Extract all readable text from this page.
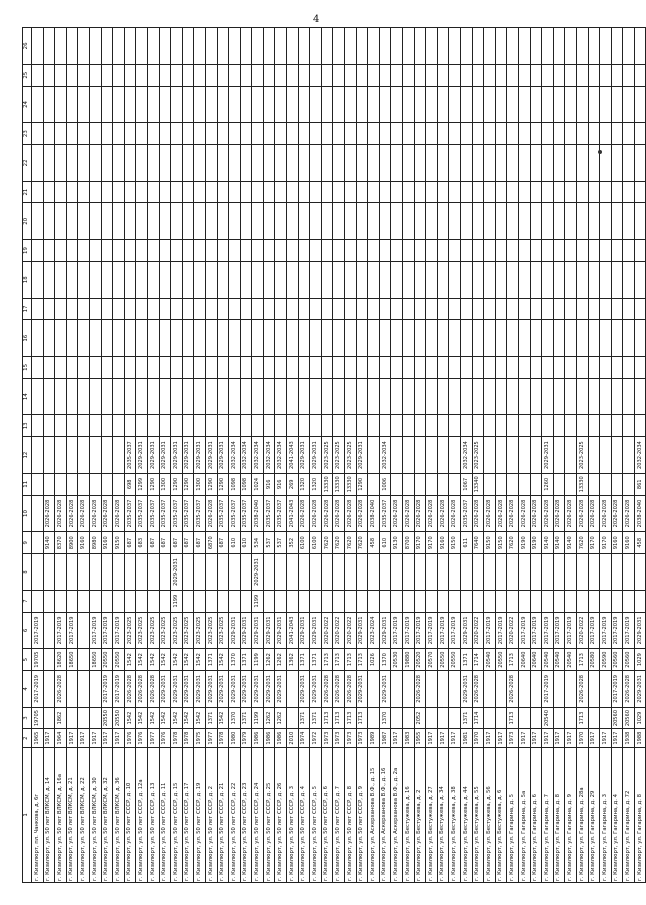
4
1	2	3	4	5	6	7	8	9	10	11	12	13	14	15	16	17	18	19	20	21	22	23	24	25	26
г. Кизилюрт, пл. Чанкова, д. 6г	1965	19705	2017-2019	19705	2017-2019																				
г. Кизилюрт, ул. 50 лет ВЛКСМ, д. 14	1917							9140	2026-2028																
г. Кизилюрт, ул. 50 лет ВЛКСМ, д. 16а	1964	1862	2026-2028	18620	2017-2019			8370	2026-2028																
г. Кизилюрт, ул. 50 лет ВЛКСМ, д. 21	1917			18650	2017-2019			8900	2026-2028																
г. Кизилюрт, ул. 50 лет ВЛКСМ, д. 22	1917							9160	2026-2028																
г. Кизилюрт, ул. 50 лет ВЛКСМ, д. 30	1917			18650	2017-2019			8980	2026-2028																
г. Кизилюрт, ул. 50 лет ВЛКСМ, д. 32	1917	20550	2017-2019	20550	2017-2019			9160	2026-2028																
г. Кизилюрт, ул. 50 лет ВЛКСМ, д. 36	1917	20550	2017-2019	20550	2017-2019			9150	2026-2028																
г. Кизилюрт, ул. 50 лет СССР, д. 10	1976	1542	2026-2028	1542	2023-2025			687	2035-2037	698	2035-2037														
г. Кизилюрт, ул. 50 лет СССР, д. 12а	1976	1542	2026-2028	1542	2023-2025			683	2035-2037	1299	2029-2031														
г. Кизилюрт, ул. 50 лет СССР, д. 13	1977	1542	2026-2028	1542	2023-2025			687	2035-2037	1290	2029-2031														
г. Кизилюрт, ул. 50 лет СССР, д. 11	1976	1542	2029-2031	1542	2023-2025			687	2035-2037	1300	2029-2031														
г. Кизилюрт, ул. 50 лет СССР, д. 15	1978	1542	2029-2031	1542	2023-2025	1199	2029-2031	687	2035-2037	1290	2029-2031														
г. Кизилюрт, ул. 50 лет СССР, д. 17	1978	1542	2029-2031	1542	2023-2025			687	2035-2037	1290	2029-2031														
г. Кизилюрт, ул. 50 лет СССР, д. 19	1975	1542	2029-2031	1542	2023-2025			687	2035-2037	1300	2029-2031														
г. Кизилюрт, ул. 50 лет СССР, д. 2	1977	1371	2029-2031	1371	2023-2025			6870	2026-2028	1290	2029-2031														
г. Кизилюрт, ул. 50 лет СССР, д. 21	1978	1542	2029-2031	1542	2023-2025			687	2035-2037	1290	2029-2031														
г. Кизилюрт, ул. 50 лет СССР, д. 22	1980	1370	2029-2031	1370	2029-2031			610	2035-2037	1098	2032-2034														
г. Кизилюрт, ул. 50 лет СССР, д. 23	1979	1371	2029-2031	1371	2029-2031			610	2035-2037	1098	2032-2034														
г. Кизилюрт, ул. 50 лет СССР, д. 24	1986	1199	2029-2031	1199	2029-2031	1199	2029-2031	534	2038-2040	1024	2032-2034														
г. Кизилюрт, ул. 50 лет СССР, д. 25	1986	1262	2029-2031	1262	2029-2031			537	2035-2037	916	2032-2034														
г. Кизилюрт, ул. 50 лет СССР, д. 26	1986	1262	2029-2031	1262	2029-2031			537	2035-2037	916	2032-2034														
г. Кизилюрт, ул. 50 лет СССР, д. 3	2010			1362	2041-2043			352	2041-2043	269	2041-2043														
г. Кизилюрт, ул. 50 лет СССР, д. 4	1974	1371	2029-2031	1371	2029-2031			6100	2026-2028	1320	2029-2031														
г. Кизилюрт, ул. 50 лет СССР, д. 5	1972	1371	2029-2031	1371	2029-2031			6100	2026-2028	1320	2029-2031														
г. Кизилюрт, ул. 50 лет СССР, д. 6	1973	1713	2026-2028	1713	2020-2022			7620	2026-2028	13330	2023-2025														
г. Кизилюрт, ул. 50 лет СССР, д. 7	1973	1713	2026-2028	1713	2020-2022			7620	2026-2028	13330	2023-2025														
г. Кизилюрт, ул. 50 лет СССР, д. 8	1973	1713	2026-2028	1713	2020-2022			7620	2026-2028	13330	2023-2025														
г. Кизилюрт, ул. 50 лет СССР, д. 9	1973	1713	2029-2031	1713	2029-2031			7620	2026-2028	1290	2029-2031														
г. Кизилюрт, ул. Аскерханова В.Ф., д. 15	1989			1026	2023-2024			458	2038-2040																
г. Кизилюрт, ул. Аскерханова В.Ф., д. 16	1987	1370	2029-2031	1370	2029-2031			610	2035-2037	1006	2032-2034														
г. Кизилюрт, ул. Аскерханова В.Ф., д. 2а	1917			20530	2017-2019			9130	2026-2028																
г. Кизилюрт, ул. Бестужева, д. 16	1983			19880	2017-2019			8700	2026-2028																
г. Кизилюрт, ул. Бестужева, д. 2	1955	2052	2026-2028	20520	2017-2019			9170	2026-2028																
г. Кизилюрт, ул. Бестужева, д. 27	1917			20570	2017-2019			9170	2026-2028																
г. Кизилюрт, ул. Бестужева, д. 34	1917			20550	2017-2019			9160	2026-2028																
г. Кизилюрт, ул. Бестужева, д. 38	1917			20550	2017-2019			9150	2026-2028																
г. Кизилюрт, ул. Бестужева, д. 44	1981	1371	2029-2031	1371	2029-2031			611	2035-2037	1067	2032-2034														
г. Кизилюрт, ул. Бестужева, д. 55	1970	1714	2026-2028	1714	2020-2022			7640	2026-2028	13340	2023-2025														
г. Кизилюрт, ул. Бестужева, д. 56	1917			20540	2017-2019			9150	2026-2028																
г. Кизилюрт, ул. Бестужева, д. 6	1917			20550	2017-2019			9150	2026-2028																
г. Кизилюрт, ул. Гагарина, д. 5	1973	1713	2026-2028	1713	2020-2022			7620	2026-2028																
г. Кизилюрт, ул. Гагарина, д. 5а	1917			20640	2017-2019			9190	2026-2028																
г. Кизилюрт, ул. Гагарина, д. 6	1917			20640	2017-2019			9190	2026-2028																
г. Кизилюрт, ул. Гагарина, д. 7	1917	20540	2017-2019	20540	2017-2019			9140	2026-2028	1260	2029-2031														
г. Кизилюрт, ул. Гагарина, д. 8	1917			20540	2017-2019			9140	2026-2028																
г. Кизилюрт, ул. Гагарина, д. 9	1917			20540	2017-2019			9140	2026-2028																
г. Кизилюрт, ул. Гагарина, д. 28а	1970	1713	2026-2028	1713	2020-2022			7620	2026-2028	13330	2023-2025														
г. Кизилюрт, ул. Гагарина, д. 29	1917			20580	2017-2019			9170	2026-2028																
г. Кизилюрт, ул. Гагарина, д. 3	1917			20590	2017-2019			9170	2026-2028																
г. Кизилюрт, ул. Гагарина, д. 4	1917	20560	2017-2019	20560	2017-2019			9160	2026-2028																
г. Кизилюрт, ул. Гагарина, д. 72	1938	20560	2026-2028	20560	2017-2019			9160	2026-2028																
г. Кизилюрт, ул. Гагарина, д. 8	1988	1029	2029-2031	1029	2029-2031			458	2038-2040	861	2032-2034														
